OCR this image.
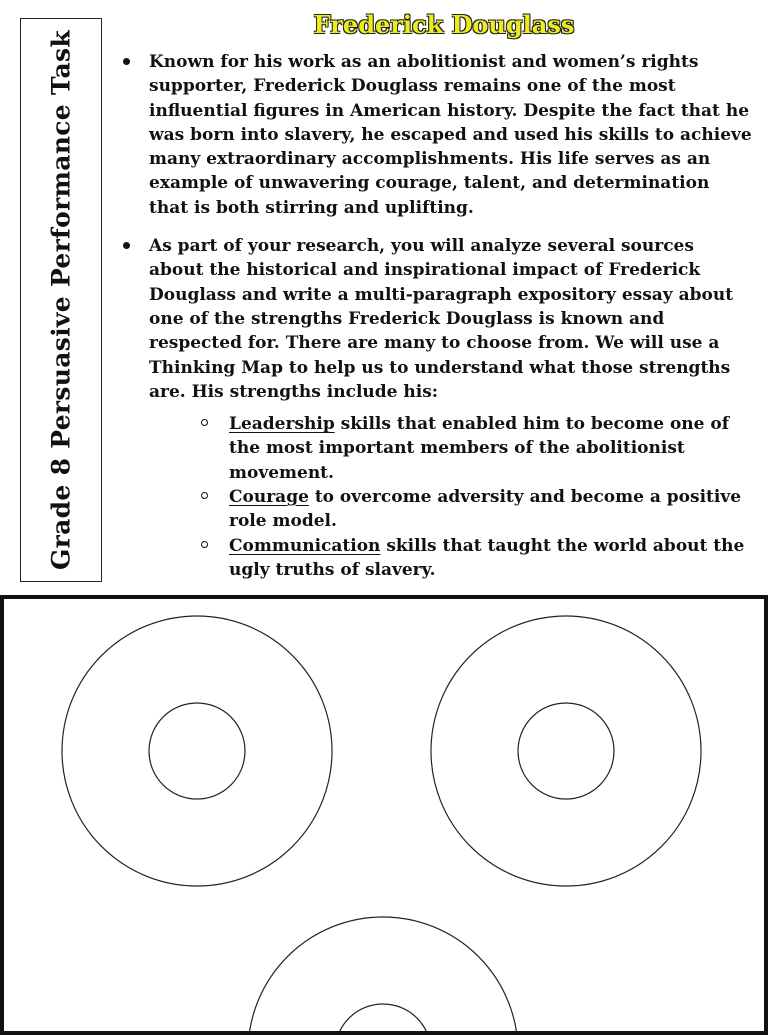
Grade 8 Persuasive Performance Task
Frederick Douglass

Known for his work as an abolitionist and women’s rights supporter, Frederick Douglass remains one of the most influential figures in American history. Despite the fact that he was born into slavery, he escaped and used his skills to achieve many extraordinary accomplishments. His life serves as an example of unwavering courage, talent, and determination that is both stirring and uplifting.

As part of your research, you will analyze several sources about the historical and inspirational impact of Frederick Douglass and write a multi-paragraph expository essay about one of the strengths Frederick Douglass is known and respected for. There are many to choose from. We will use a Thinking Map to help us to understand what those strengths are. His strengths include his:

Leadership skills that enabled him to become one of the most important members of the abolitionist movement.

Courage to overcome adversity and become a positive role model.

Communication skills that taught the world about the ugly truths of slavery.
